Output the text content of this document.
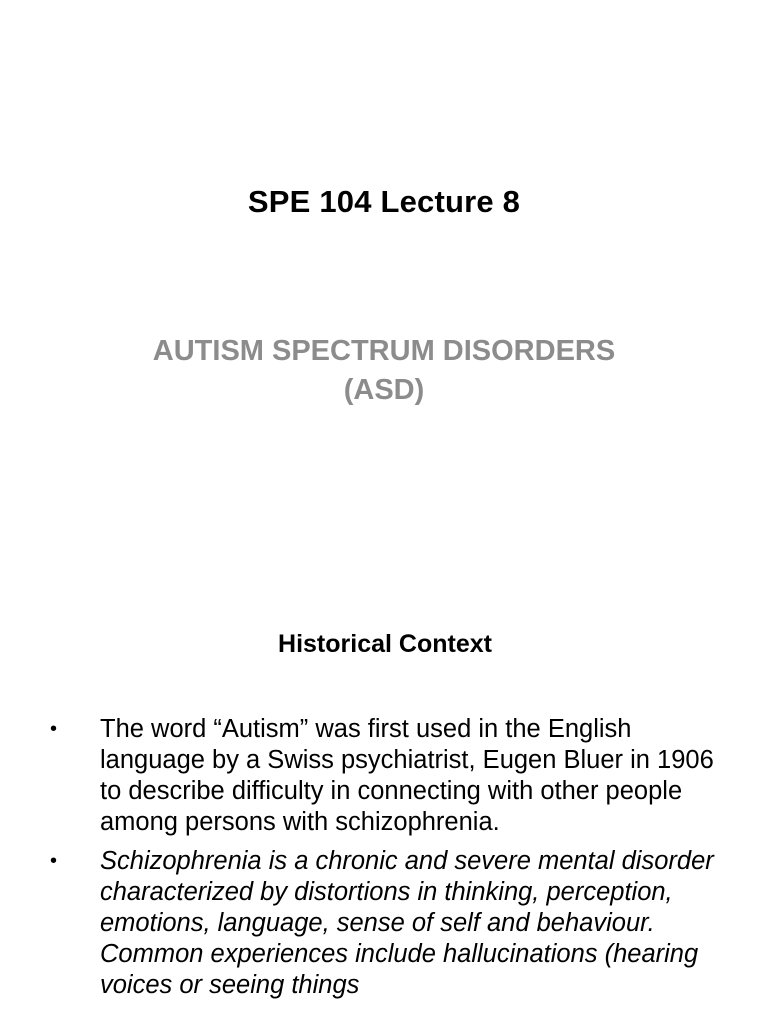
SPE 104 Lecture 8
AUTISM SPECTRUM DISORDERS
(ASD)
Historical Context
• The word “Autism” was first used in the English language by a Swiss psychiatrist, Eugen Bluer in 1906 to describe difficulty in connecting with other people among persons with schizophrenia.
• Schizophrenia is a chronic and severe mental disorder characterized by distortions in thinking, perception, emotions, language, sense of self and behaviour. Common experiences include hallucinations (hearing voices or seeing things
